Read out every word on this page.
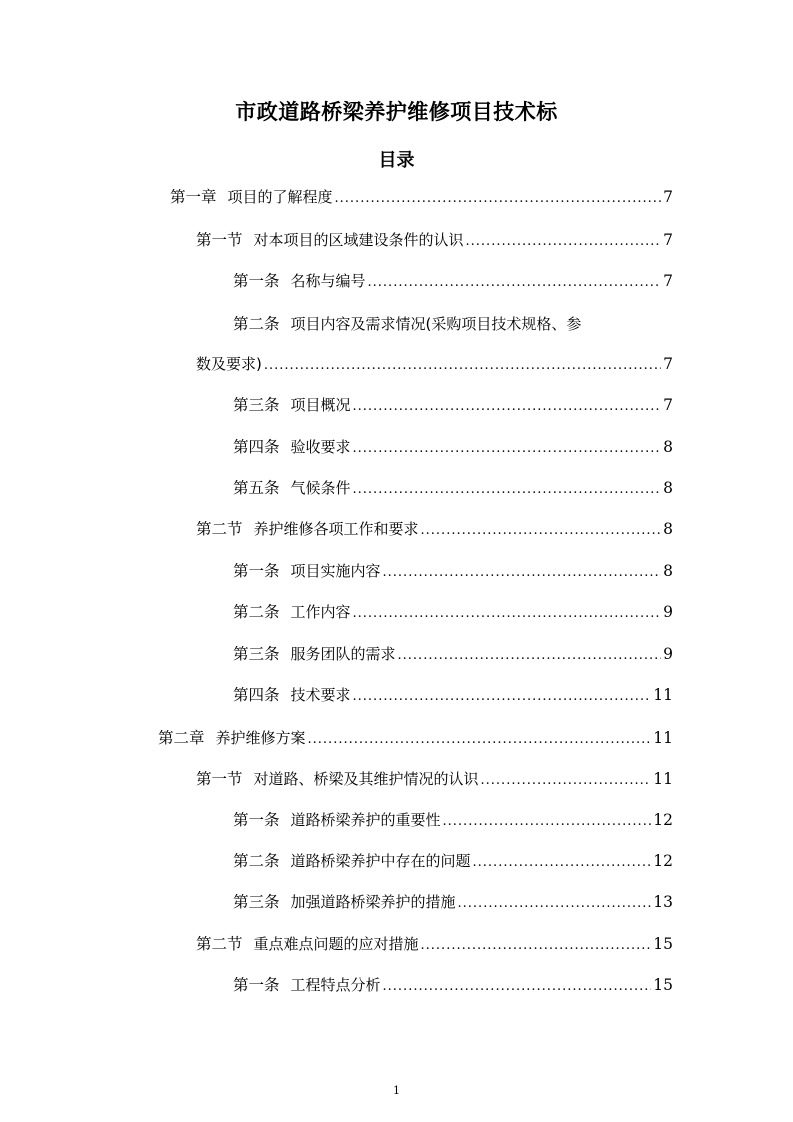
市政道路桥梁养护维修项目技术标
目录
第一章 项目的了解程度 .....	7
第一节 对本项目的区域建设条件的认识 .....	7
第一条 名称与编号 .....	7
第二条 项目内容及需求情况(采购项目技术规格、参
数及要求) .....	7
第三条 项目概况 .....	7
第四条 验收要求 .....	8
第五条 气候条件 .....	8
第二节 养护维修各项工作和要求 .....	8
第一条 项目实施内容 .....	8
第二条 工作内容 .....	9
第三条 服务团队的需求 .....	9
第四条 技术要求 .....	11
第二章 养护维修方案 .....	11
第一节 对道路、桥梁及其维护情况的认识 .....	11
第一条 道路桥梁养护的重要性 .....	12
第二条 道路桥梁养护中存在的问题 .....	12
第三条 加强道路桥梁养护的措施 .....	13
第二节 重点难点问题的应对措施 .....	15
第一条 工程特点分析 .....	15
1
